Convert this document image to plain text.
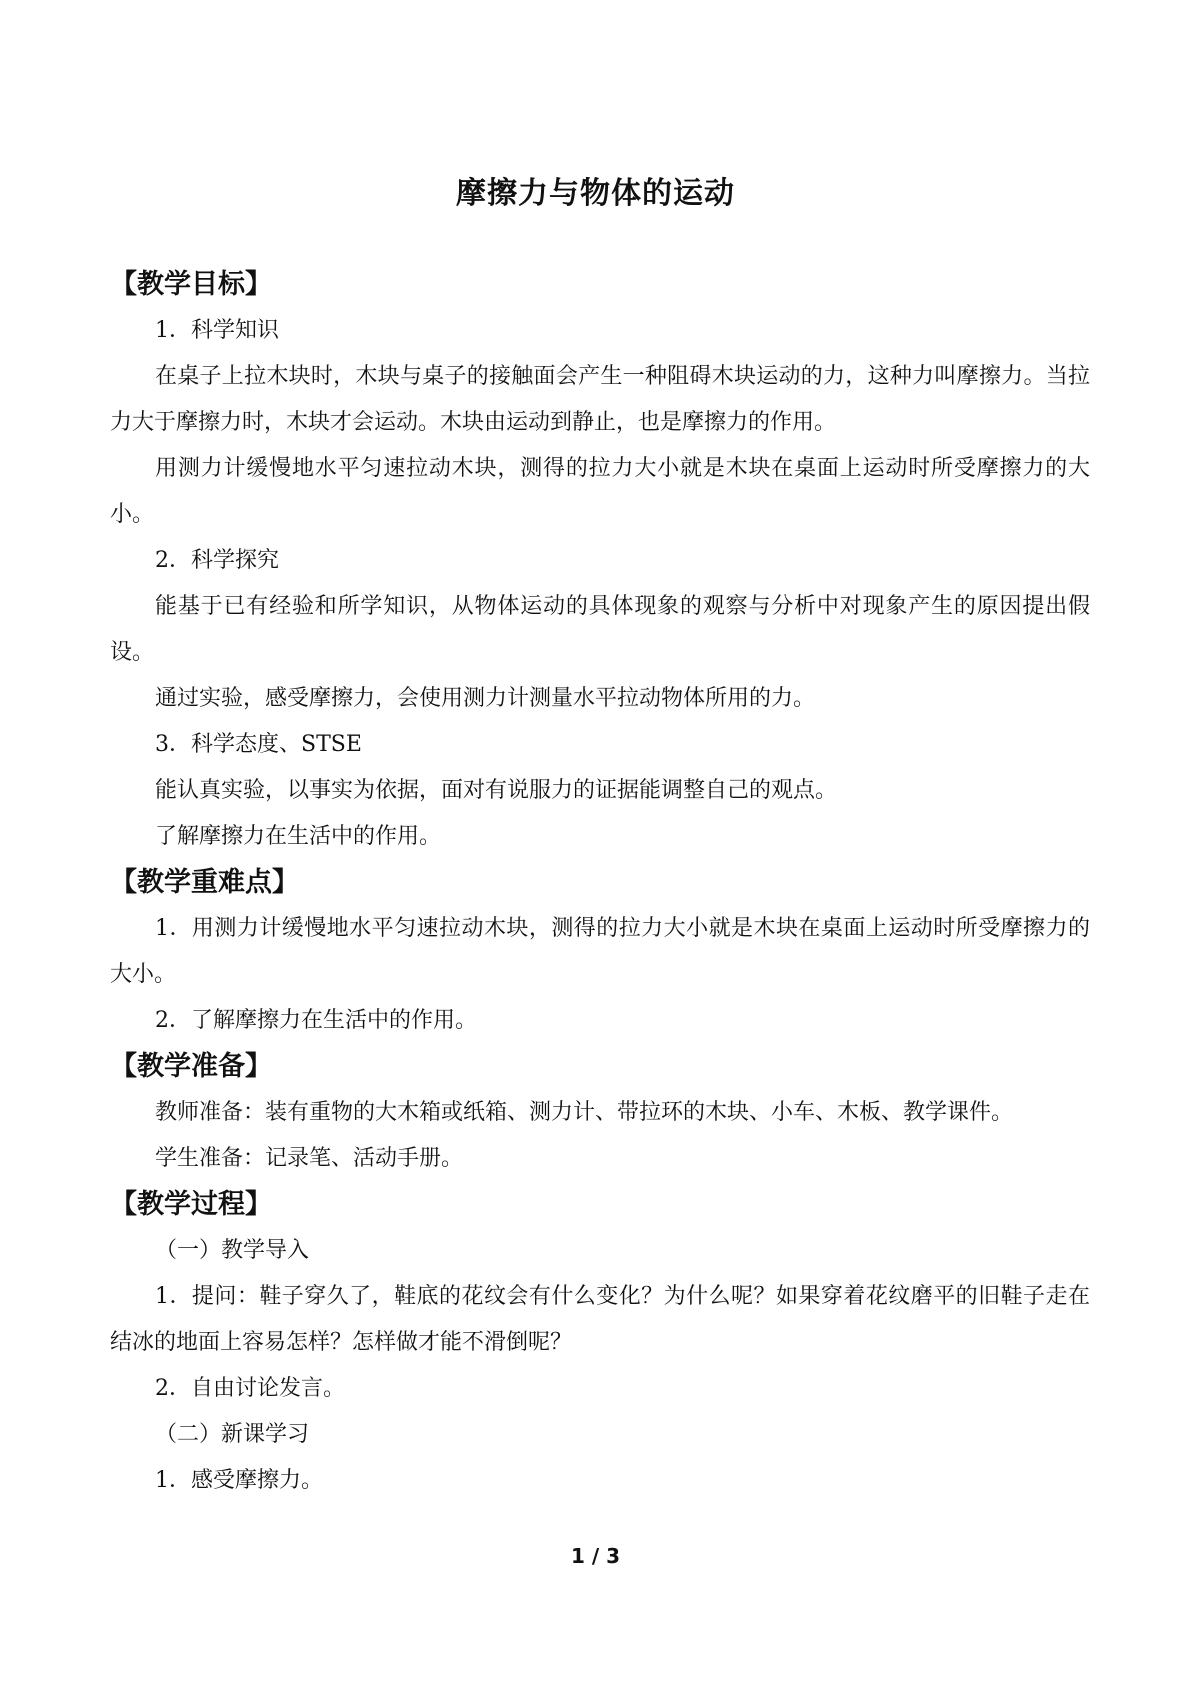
摩擦力与物体的运动
【教学目标】

1．科学知识

在桌子上拉木块时，木块与桌子的接触面会产生一种阻碍木块运动的力，这种力叫摩擦力。当拉力大于摩擦力时，木块才会运动。木块由运动到静止，也是摩擦力的作用。

用测力计缓慢地水平匀速拉动木块，测得的拉力大小就是木块在桌面上运动时所受摩擦力的大小。

2．科学探究

能基于已有经验和所学知识，从物体运动的具体现象的观察与分析中对现象产生的原因提出假设。

通过实验，感受摩擦力，会使用测力计测量水平拉动物体所用的力。

3．科学态度、STSE

能认真实验，以事实为依据，面对有说服力的证据能调整自己的观点。

了解摩擦力在生活中的作用。

【教学重难点】

1．用测力计缓慢地水平匀速拉动木块，测得的拉力大小就是木块在桌面上运动时所受摩擦力的大小。

2．了解摩擦力在生活中的作用。

【教学准备】

教师准备：装有重物的大木箱或纸箱、测力计、带拉环的木块、小车、木板、教学课件。

学生准备：记录笔、活动手册。

【教学过程】

（一）教学导入

1．提问：鞋子穿久了，鞋底的花纹会有什么变化？为什么呢？如果穿着花纹磨平的旧鞋子走在结冰的地面上容易怎样？怎样做才能不滑倒呢？

2．自由讨论发言。

（二）新课学习

1．感受摩擦力。

1 / 3
